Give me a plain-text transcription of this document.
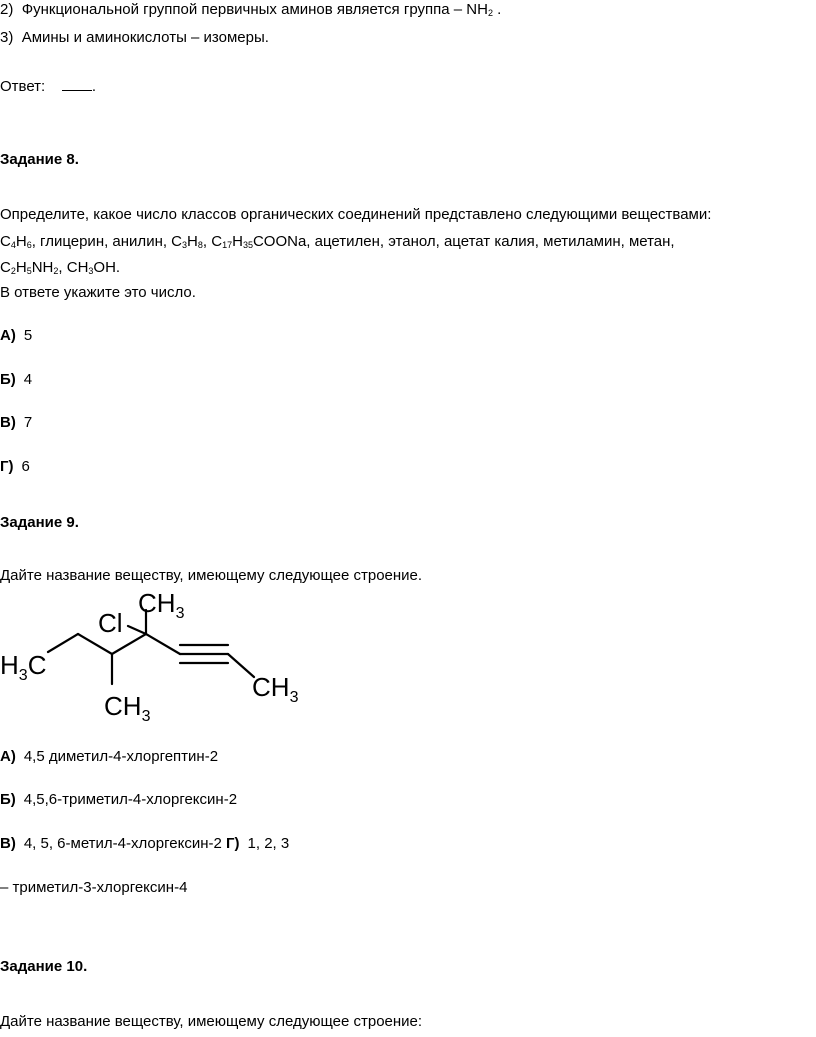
2) Функциональной группой первичных аминов является группа – $NH_2$ .
3) Амины и аминокислоты – изомеры.
Ответ:	.
Задание 8.
Определите, какое число классов органических соединений представлено следующими веществами:
$C_4H_6$, глицерин, анилин, $C_3H_8$, $C_{17}H_{35}COONa$, ацетилен, этанол, ацетат калия, метиламин, метан,
$C_2H_5NH_2$, $CH_3OH$.
В ответе укажите это число.
А) 5
Б) 4
В) 7
Г) 6
Задание 9.
Дайте название веществу, имеющему следующее строение.
$CH_3$
Cl
$H_3C$
$CH_3$
$CH_3$
А) 4,5 диметил-4-хлоргептин-2
Б) 4,5,6-триметил-4-хлоргексин-2
В) 4, 5, 6-метил-4-хлоргексин-2 Г) 1, 2, 3
– триметил-3-хлоргексин-4
Задание 10.
Дайте название веществу, имеющему следующее строение:
